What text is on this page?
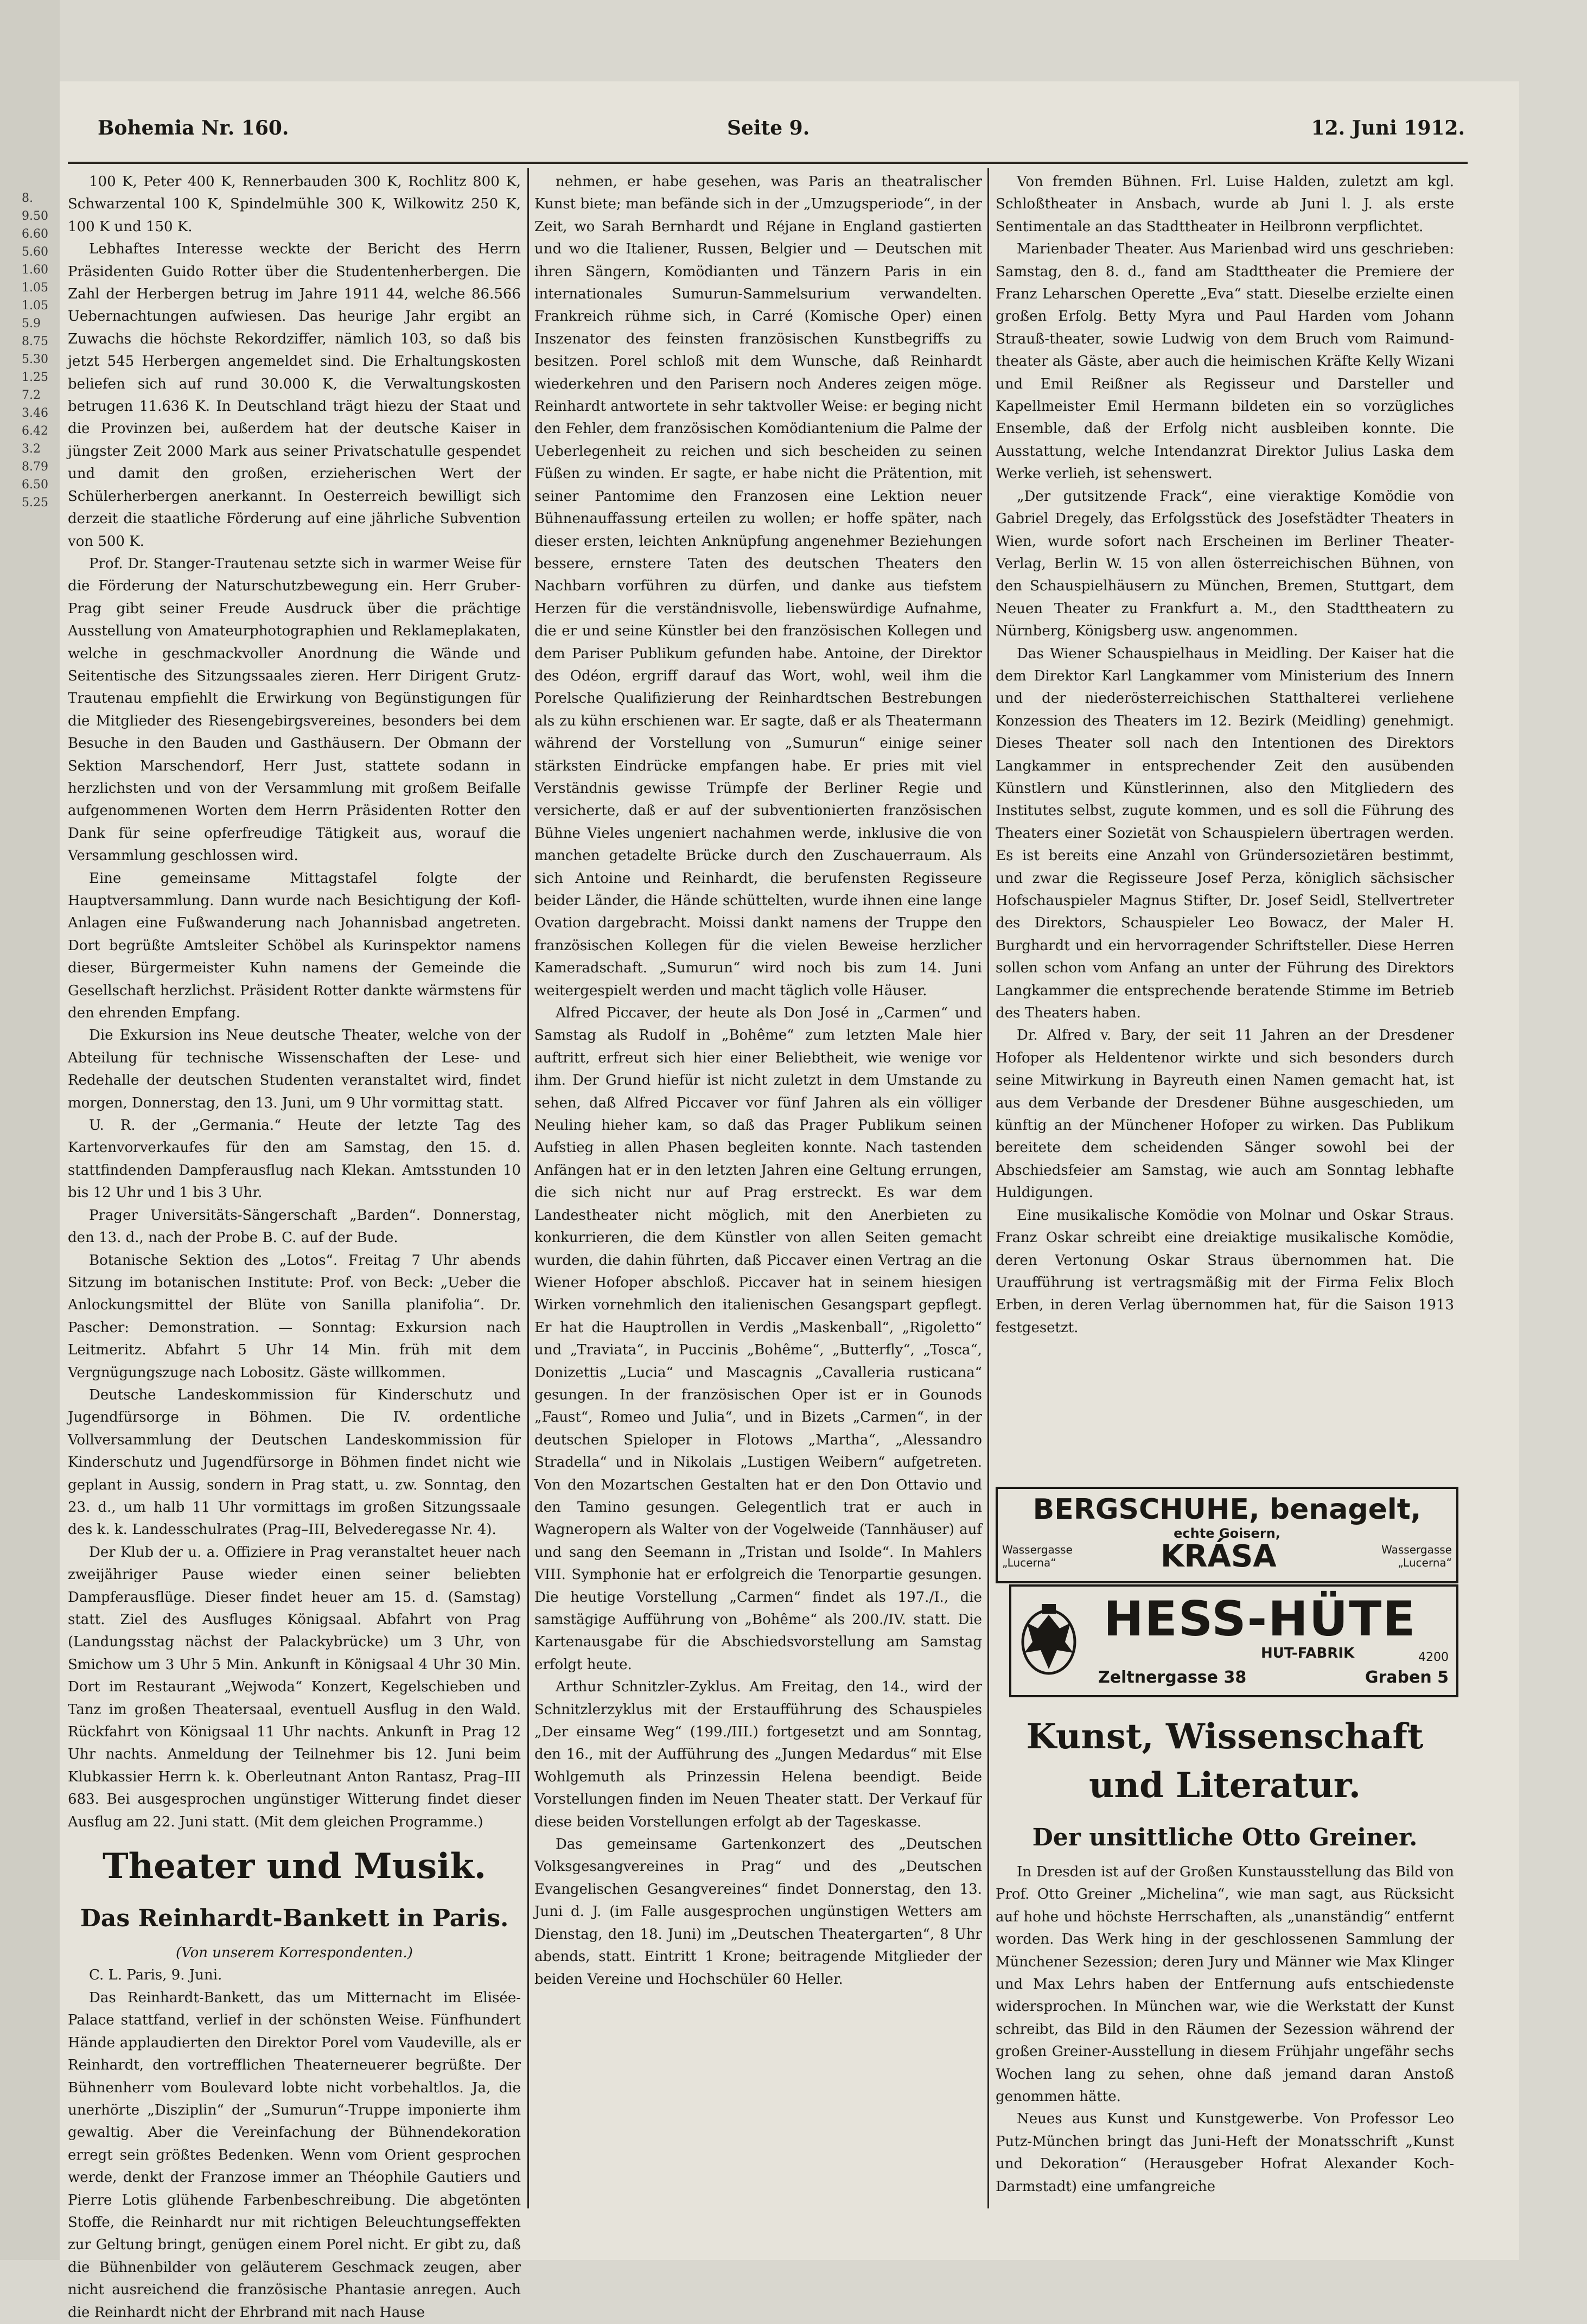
8.
9.50
6.60
5.60
1.60
1.05
1.05
5.9
8.75
5.30
1.25
7.2
3.46
6.42
3.2
8.79
6.50
5.25
Bohemia Nr. 160.	Seite 9.	12. Juni 1912.

100 K, Peter 400 K, Rennerbauden 300 K, Rochlitz 800 K, Schwarzental 100 K, Spindelmühle 300 K, Wilkowitz 250 K, 100 K und 150 K.

Lebhaftes Interesse weckte der Bericht des Herrn Präsidenten Guido Rotter über die Studentenherbergen. Die Zahl der Herbergen betrug im Jahre 1911 44, welche 86.566 Uebernachtungen aufwiesen. Das heurige Jahr ergibt an Zuwachs die höchste Rekordziffer, nämlich 103, so daß bis jetzt 545 Herbergen angemeldet sind. Die Erhaltungskosten beliefen sich auf rund 30.000 K, die Verwaltungskosten betrugen 11.636 K. In Deutschland trägt hiezu der Staat und die Provinzen bei, außerdem hat der deutsche Kaiser in jüngster Zeit 2000 Mark aus seiner Privatschatulle gespendet und damit den großen, erzieherischen Wert der Schülerherbergen anerkannt. In Oesterreich bewilligt sich derzeit die staatliche Förderung auf eine jährliche Subvention von 500 K.

Prof. Dr. Stanger-Trautenau setzte sich in warmer Weise für die Förderung der Naturschutzbewegung ein. Herr Gruber-Prag gibt seiner Freude Ausdruck über die prächtige Ausstellung von Amateurphotographien und Reklameplakaten, welche in geschmackvoller Anordnung die Wände und Seitentische des Sitzungssaales zieren. Herr Dirigent Grutz-Trautenau empfiehlt die Erwirkung von Begünstigungen für die Mitglieder des Riesengebirgsvereines, besonders bei dem Besuche in den Bauden und Gasthäusern. Der Obmann der Sektion Marschendorf, Herr Just, stattete sodann in herzlichsten und von der Versammlung mit großem Beifalle aufgenommenen Worten dem Herrn Präsidenten Rotter den Dank für seine opferfreudige Tätigkeit aus, worauf die Versammlung geschlossen wird.

Eine gemeinsame Mittagstafel folgte der Hauptversammlung. Dann wurde nach Besichtigung der Kofl-Anlagen eine Fußwanderung nach Johannisbad angetreten. Dort begrüßte Amtsleiter Schöbel als Kurinspektor namens dieser, Bürgermeister Kuhn namens der Gemeinde die Gesellschaft herzlichst. Präsident Rotter dankte wärmstens für den ehrenden Empfang.

Die Exkursion ins Neue deutsche Theater, welche von der Abteilung für technische Wissenschaften der Lese- und Redehalle der deutschen Studenten veranstaltet wird, findet morgen, Donnerstag, den 13. Juni, um 9 Uhr vormittag statt.

U. R. der „Germania.“ Heute der letzte Tag des Kartenvorverkaufes für den am Samstag, den 15. d. stattfindenden Dampferausflug nach Klekan. Amtsstunden 10 bis 12 Uhr und 1 bis 3 Uhr.

Prager Universitäts-Sängerschaft „Barden“. Donnerstag, den 13. d., nach der Probe B. C. auf der Bude.

Botanische Sektion des „Lotos“. Freitag 7 Uhr abends Sitzung im botanischen Institute: Prof. von Beck: „Ueber die Anlockungsmittel der Blüte von Sanilla planifolia“. Dr. Pascher: Demonstration. — Sonntag: Exkursion nach Leitmeritz. Abfahrt 5 Uhr 14 Min. früh mit dem Vergnügungszuge nach Lobositz. Gäste willkommen.

Deutsche Landeskommission für Kinderschutz und Jugendfürsorge in Böhmen. Die IV. ordentliche Vollversammlung der Deutschen Landeskommission für Kinderschutz und Jugendfürsorge in Böhmen findet nicht wie geplant in Aussig, sondern in Prag statt, u. zw. Sonntag, den 23. d., um halb 11 Uhr vormittags im großen Sitzungssaale des k. k. Landesschulrates (Prag–III, Belvederegasse Nr. 4).

Der Klub der u. a. Offiziere in Prag veranstaltet heuer nach zweijähriger Pause wieder einen seiner beliebten Dampferausflüge. Dieser findet heuer am 15. d. (Samstag) statt. Ziel des Ausfluges Königsaal. Abfahrt von Prag (Landungsstag nächst der Palackybrücke) um 3 Uhr, von Smichow um 3 Uhr 5 Min. Ankunft in Königsaal 4 Uhr 30 Min. Dort im Restaurant „Wejwoda“ Konzert, Kegelschieben und Tanz im großen Theatersaal, eventuell Ausflug in den Wald. Rückfahrt von Königsaal 11 Uhr nachts. Ankunft in Prag 12 Uhr nachts. Anmeldung der Teilnehmer bis 12. Juni beim Klubkassier Herrn k. k. Oberleutnant Anton Rantasz, Prag–III 683. Bei ausgesprochen ungünstiger Witterung findet dieser Ausflug am 22. Juni statt. (Mit dem gleichen Programme.)

Theater und Musik.

Das Reinhardt-Bankett in Paris.

(Von unserem Korrespondenten.)

C. L. Paris, 9. Juni.

Das Reinhardt-Bankett, das um Mitternacht im Elisée-Palace stattfand, verlief in der schönsten Weise. Fünfhundert Hände applaudierten den Direktor Porel vom Vaudeville, als er Reinhardt, den vortrefflichen Theaterneuerer begrüßte. Der Bühnenherr vom Boulevard lobte nicht vorbehaltlos. Ja, die unerhörte „Disziplin“ der „Sumurun“-Truppe imponierte ihm gewaltig. Aber die Vereinfachung der Bühnendekoration erregt sein größtes Bedenken. Wenn vom Orient gesprochen werde, denkt der Franzose immer an Théophile Gautiers und Pierre Lotis glühende Farbenbeschreibung. Die abgetönten Stoffe, die Reinhardt nur mit richtigen Beleuchtungseffekten zur Geltung bringt, genügen einem Porel nicht. Er gibt zu, daß die Bühnenbilder von geläuterem Geschmack zeugen, aber nicht ausreichend die französische Phantasie anregen. Auch die Reinhardt nicht der Ehrbrand mit nach Hause

nehmen, er habe gesehen, was Paris an theatralischer Kunst biete; man befände sich in der „Umzugsperiode“, in der Zeit, wo Sarah Bernhardt und Réjane in England gastierten und wo die Italiener, Russen, Belgier und — Deutschen mit ihren Sängern, Komödianten und Tänzern Paris in ein internationales Sumurun-Sammelsurium verwandelten. Frankreich rühme sich, in Carré (Komische Oper) einen Inszenator des feinsten französischen Kunstbegriffs zu besitzen. Porel schloß mit dem Wunsche, daß Reinhardt wiederkehren und den Parisern noch Anderes zeigen möge. Reinhardt antwortete in sehr taktvoller Weise: er beging nicht den Fehler, dem französischen Komödiantenium die Palme der Ueberlegenheit zu reichen und sich bescheiden zu seinen Füßen zu winden. Er sagte, er habe nicht die Prätention, mit seiner Pantomime den Franzosen eine Lektion neuer Bühnenauffassung erteilen zu wollen; er hoffe später, nach dieser ersten, leichten Anknüpfung angenehmer Beziehungen bessere, ernstere Taten des deutschen Theaters den Nachbarn vorführen zu dürfen, und danke aus tiefstem Herzen für die verständnisvolle, liebenswürdige Aufnahme, die er und seine Künstler bei den französischen Kollegen und dem Pariser Publikum gefunden habe. Antoine, der Direktor des Odéon, ergriff darauf das Wort, wohl, weil ihm die Porelsche Qualifizierung der Reinhardtschen Bestrebungen als zu kühn erschienen war. Er sagte, daß er als Theatermann während der Vorstellung von „Sumurun“ einige seiner stärksten Eindrücke empfangen habe. Er pries mit viel Verständnis gewisse Trümpfe der Berliner Regie und versicherte, daß er auf der subventionierten französischen Bühne Vieles ungeniert nachahmen werde, inklusive die von manchen getadelte Brücke durch den Zuschauerraum. Als sich Antoine und Reinhardt, die berufensten Regisseure beider Länder, die Hände schüttelten, wurde ihnen eine lange Ovation dargebracht. Moissi dankt namens der Truppe den französischen Kollegen für die vielen Beweise herzlicher Kameradschaft. „Sumurun“ wird noch bis zum 14. Juni weitergespielt werden und macht täglich volle Häuser.

Alfred Piccaver, der heute als Don José in „Carmen“ und Samstag als Rudolf in „Bohême“ zum letzten Male hier auftritt, erfreut sich hier einer Beliebtheit, wie wenige vor ihm. Der Grund hiefür ist nicht zuletzt in dem Umstande zu sehen, daß Alfred Piccaver vor fünf Jahren als ein völliger Neuling hieher kam, so daß das Prager Publikum seinen Aufstieg in allen Phasen begleiten konnte. Nach tastenden Anfängen hat er in den letzten Jahren eine Geltung errungen, die sich nicht nur auf Prag erstreckt. Es war dem Landestheater nicht möglich, mit den Anerbieten zu konkurrieren, die dem Künstler von allen Seiten gemacht wurden, die dahin führten, daß Piccaver einen Vertrag an die Wiener Hofoper abschloß. Piccaver hat in seinem hiesigen Wirken vornehmlich den italienischen Gesangspart gepflegt. Er hat die Hauptrollen in Verdis „Maskenball“, „Rigoletto“ und „Traviata“, in Puccinis „Bohême“, „Butterfly“, „Tosca“, Donizettis „Lucia“ und Mascagnis „Cavalleria rusticana“ gesungen. In der französischen Oper ist er in Gounods „Faust“, Romeo und Julia“, und in Bizets „Carmen“, in der deutschen Spieloper in Flotows „Martha“, „Alessandro Stradella“ und in Nikolais „Lustigen Weibern“ aufgetreten. Von den Mozartschen Gestalten hat er den Don Ottavio und den Tamino gesungen. Gelegentlich trat er auch in Wagneropern als Walter von der Vogelweide (Tannhäuser) auf und sang den Seemann in „Tristan und Isolde“. In Mahlers VIII. Symphonie hat er erfolgreich die Tenorpartie gesungen. Die heutige Vorstellung „Carmen“ findet als 197./I., die samstägige Aufführung von „Bohême“ als 200./IV. statt. Die Kartenausgabe für die Abschiedsvorstellung am Samstag erfolgt heute.

Arthur Schnitzler-Zyklus. Am Freitag, den 14., wird der Schnitzlerzyklus mit der Erstaufführung des Schauspieles „Der einsame Weg“ (199./III.) fortgesetzt und am Sonntag, den 16., mit der Aufführung des „Jungen Medardus“ mit Else Wohlgemuth als Prinzessin Helena beendigt. Beide Vorstellungen finden im Neuen Theater statt. Der Verkauf für diese beiden Vorstellungen erfolgt ab der Tageskasse.

Das gemeinsame Gartenkonzert des „Deutschen Volksgesangvereines in Prag“ und des „Deutschen Evangelischen Gesangvereines“ findet Donnerstag, den 13. Juni d. J. (im Falle ausgesprochen ungünstigen Wetters am Dienstag, den 18. Juni) im „Deutschen Theatergarten“, 8 Uhr abends, statt. Eintritt 1 Krone; beitragende Mitglieder der beiden Vereine und Hochschüler 60 Heller.

Von fremden Bühnen. Frl. Luise Halden, zuletzt am kgl. Schloßtheater in Ansbach, wurde ab Juni l. J. als erste Sentimentale an das Stadttheater in Heilbronn verpflichtet.

Marienbader Theater. Aus Marienbad wird uns geschrieben: Samstag, den 8. d., fand am Stadttheater die Premiere der Franz Leharschen Operette „Eva“ statt. Dieselbe erzielte einen großen Erfolg. Betty Myra und Paul Harden vom Johann Strauß-theater, sowie Ludwig von dem Bruch vom Raimund-theater als Gäste, aber auch die heimischen Kräfte Kelly Wizani und Emil Reißner als Regisseur und Darsteller und Kapellmeister Emil Hermann bildeten ein so vorzügliches Ensemble, daß der Erfolg nicht ausbleiben konnte. Die Ausstattung, welche Intendanzrat Direktor Julius Laska dem Werke verlieh, ist sehenswert.

„Der gutsitzende Frack“, eine vieraktige Komödie von Gabriel Dregely, das Erfolgsstück des Josefstädter Theaters in Wien, wurde sofort nach Erscheinen im Berliner Theater-Verlag, Berlin W. 15 von allen österreichischen Bühnen, von den Schauspielhäusern zu München, Bremen, Stuttgart, dem Neuen Theater zu Frankfurt a. M., den Stadttheatern zu Nürnberg, Königsberg usw. angenommen.

Das Wiener Schauspielhaus in Meidling. Der Kaiser hat die dem Direktor Karl Langkammer vom Ministerium des Innern und der niederösterreichischen Statthalterei verliehene Konzession des Theaters im 12. Bezirk (Meidling) genehmigt. Dieses Theater soll nach den Intentionen des Direktors Langkammer in entsprechender Zeit den ausübenden Künstlern und Künstlerinnen, also den Mitgliedern des Institutes selbst, zugute kommen, und es soll die Führung des Theaters einer Sozietät von Schauspielern übertragen werden. Es ist bereits eine Anzahl von Gründersozietären bestimmt, und zwar die Regisseure Josef Perza, königlich sächsischer Hofschauspieler Magnus Stifter, Dr. Josef Seidl, Stellvertreter des Direktors, Schauspieler Leo Bowacz, der Maler H. Burghardt und ein hervorragender Schriftsteller. Diese Herren sollen schon vom Anfang an unter der Führung des Direktors Langkammer die entsprechende beratende Stimme im Betrieb des Theaters haben.

Dr. Alfred v. Bary, der seit 11 Jahren an der Dresdener Hofoper als Heldentenor wirkte und sich besonders durch seine Mitwirkung in Bayreuth einen Namen gemacht hat, ist aus dem Verbande der Dresdener Bühne ausgeschieden, um künftig an der Münchener Hofoper zu wirken. Das Publikum bereitete dem scheidenden Sänger sowohl bei der Abschiedsfeier am Samstag, wie auch am Sonntag lebhafte Huldigungen.

Eine musikalische Komödie von Molnar und Oskar Straus. Franz Oskar schreibt eine dreiaktige musikalische Komödie, deren Vertonung Oskar Straus übernommen hat. Die Uraufführung ist vertragsmäßig mit der Firma Felix Bloch Erben, in deren Verlag übernommen hat, für die Saison 1913 festgesetzt.

BERGSCHUHE, benagelt,
echte Goisern,
Wassergasse „Lucerna“	KRÁSA	Wassergasse „Lucerna“
HESS-HÜTE
HUT-FABRIK
Zeltnergasse 38
4200
Graben 5

Kunst, Wissenschaft und Literatur.

Der unsittliche Otto Greiner.

In Dresden ist auf der Großen Kunstausstellung das Bild von Prof. Otto Greiner „Michelina“, wie man sagt, aus Rücksicht auf hohe und höchste Herrschaften, als „unanständig“ entfernt worden. Das Werk hing in der geschlossenen Sammlung der Münchener Sezession; deren Jury und Männer wie Max Klinger und Max Lehrs haben der Entfernung aufs entschiedenste widersprochen. In München war, wie die Werkstatt der Kunst schreibt, das Bild in den Räumen der Sezession während der großen Greiner-Ausstellung in diesem Frühjahr ungefähr sechs Wochen lang zu sehen, ohne daß jemand daran Anstoß genommen hätte.

Neues aus Kunst und Kunstgewerbe. Von Professor Leo Putz-München bringt das Juni-Heft der Monatsschrift „Kunst und Dekoration“ (Herausgeber Hofrat Alexander Koch-Darmstadt) eine umfangreiche
